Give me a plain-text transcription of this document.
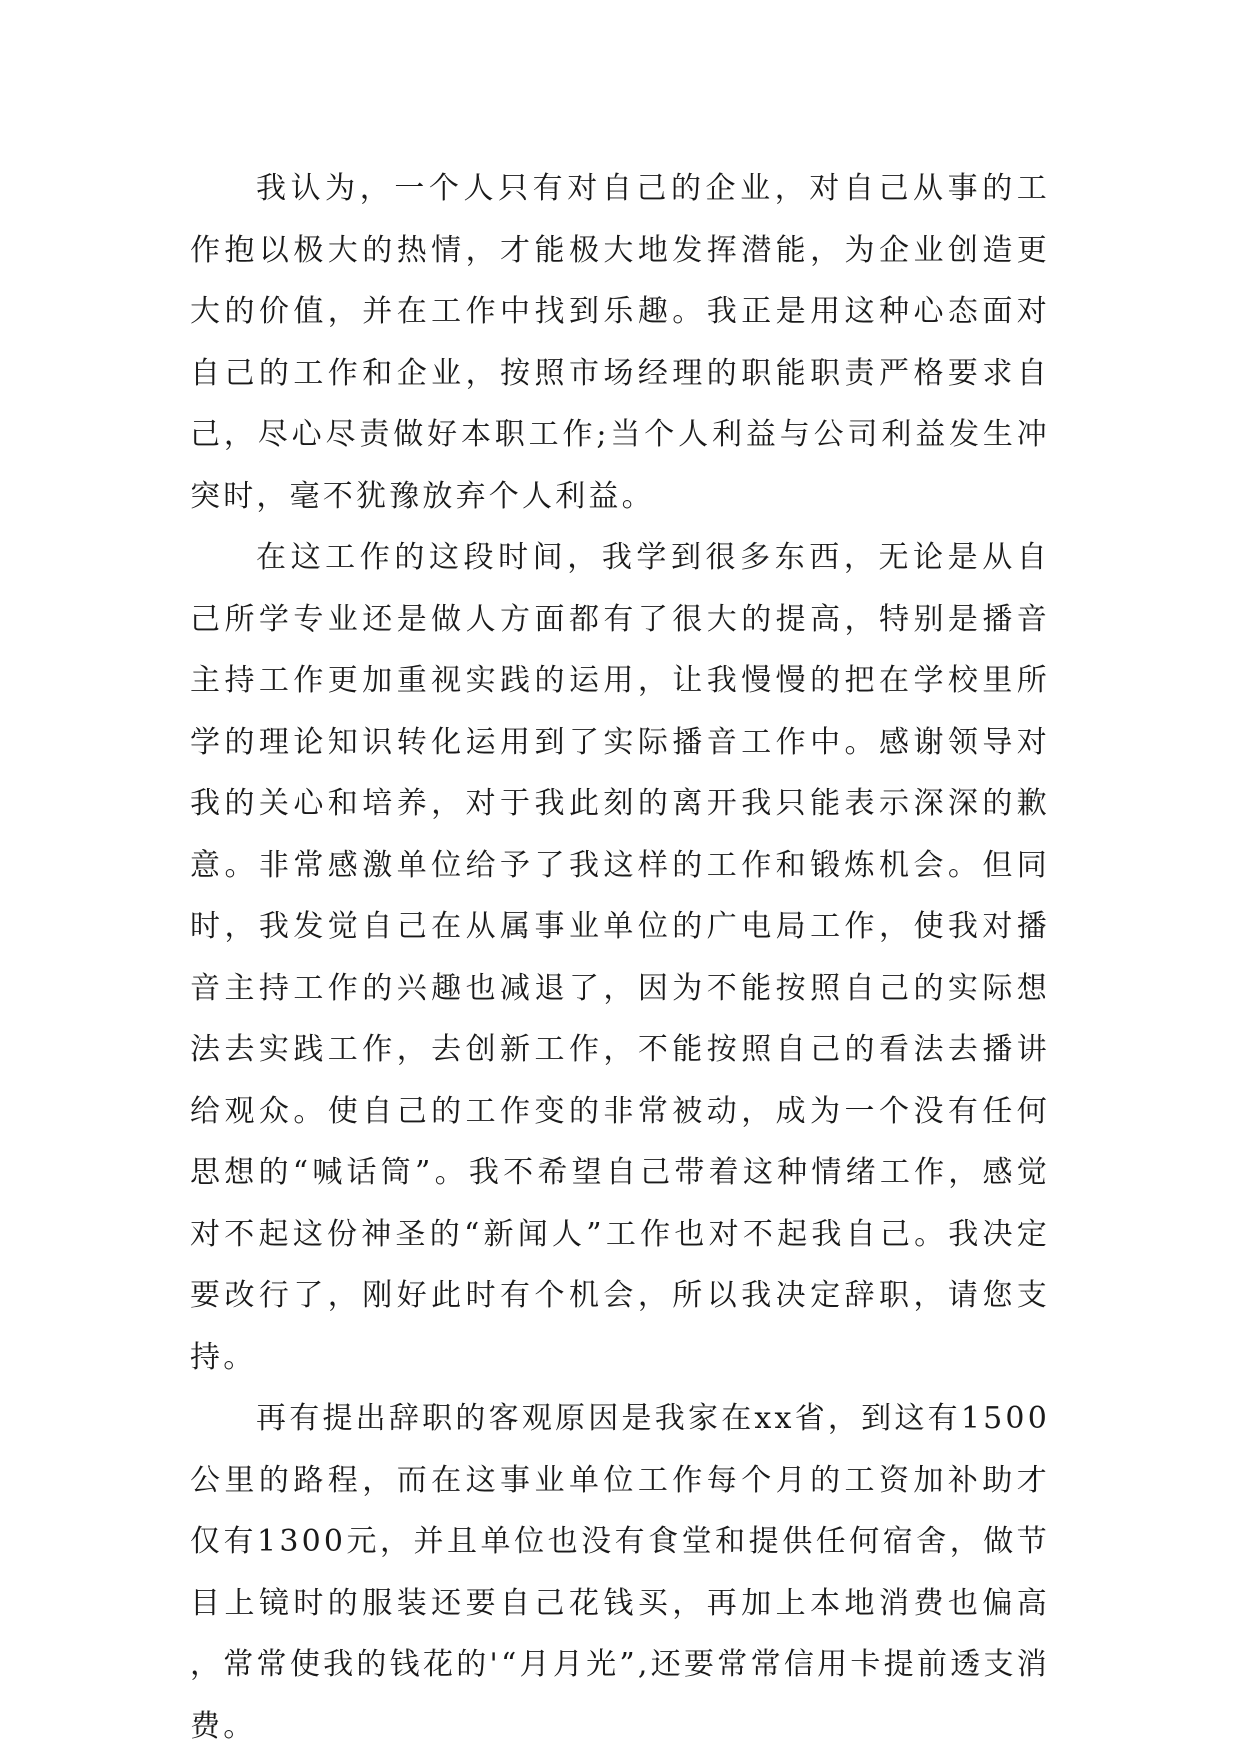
我认为，一个人只有对自己的企业，对自己从事的工作抱以极大的热情，才能极大地发挥潜能，为企业创造更大的价值，并在工作中找到乐趣。我正是用这种心态面对自己的工作和企业，按照市场经理的职能职责严格要求自己，尽心尽责做好本职工作;当个人利益与公司利益发生冲突时，毫不犹豫放弃个人利益。

在这工作的这段时间，我学到很多东西，无论是从自己所学专业还是做人方面都有了很大的提高，特别是播音主持工作更加重视实践的运用，让我慢慢的把在学校里所学的理论知识转化运用到了实际播音工作中。感谢领导对我的关心和培养，对于我此刻的离开我只能表示深深的歉意。非常感激单位给予了我这样的工作和锻炼机会。但同时，我发觉自己在从属事业单位的广电局工作，使我对播音主持工作的兴趣也减退了，因为不能按照自己的实际想法去实践工作，去创新工作，不能按照自己的看法去播讲给观众。使自己的工作变的非常被动，成为一个没有任何思想的“喊话筒”。我不希望自己带着这种情绪工作，感觉对不起这份神圣的“新闻人”工作也对不起我自己。我决定要改行了，刚好此时有个机会，所以我决定辞职，请您支持。

再有提出辞职的客观原因是我家在xx省，到这有1500公里的路程，而在这事业单位工作每个月的工资加补助才仅有1300元，并且单位也没有食堂和提供任何宿舍，做节目上镜时的服装还要自己花钱买，再加上本地消费也偏高，常常使我的钱花的'“月月光”,还要常常信用卡提前透支消费。
